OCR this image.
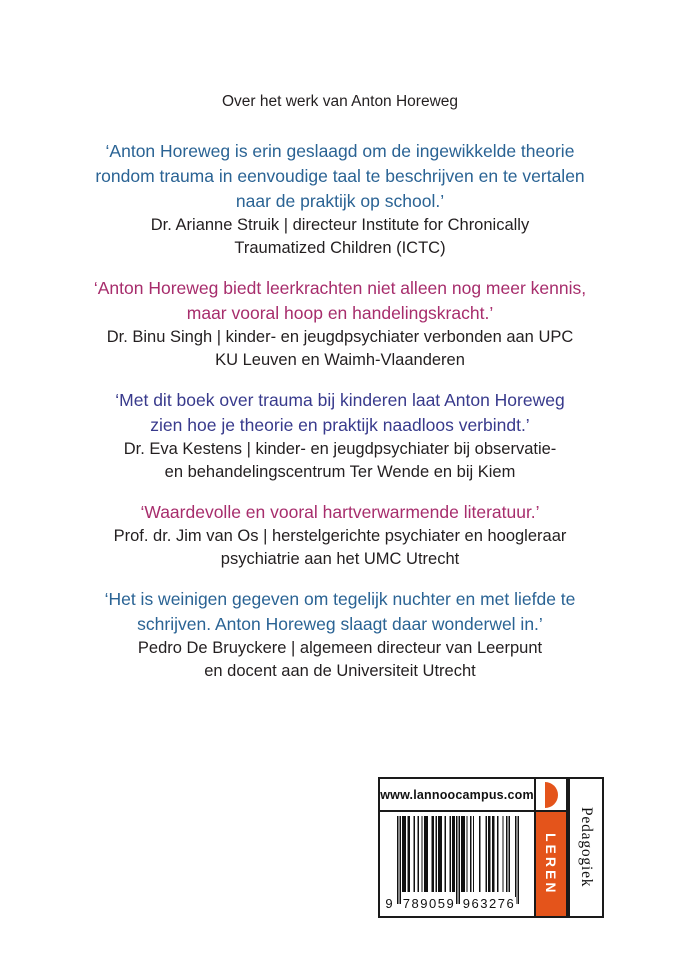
Over het werk van Anton Horeweg
‘Anton Horeweg is erin geslaagd om de ingewikkelde theorie
rondom trauma in eenvoudige taal te beschrijven en te vertalen
naar de praktijk op school.’
Dr. Arianne Struik | directeur Institute for Chronically
Traumatized Children (ICTC)
‘Anton Horeweg biedt leerkrachten niet alleen nog meer kennis,
maar vooral hoop en handelingskracht.’
Dr. Binu Singh | kinder- en jeugdpsychiater verbonden aan UPC
KU Leuven en Waimh-Vlaanderen
‘Met dit boek over trauma bij kinderen laat Anton Horeweg
zien hoe je theorie en praktijk naadloos verbindt.’
Dr. Eva Kestens | kinder- en jeugdpsychiater bij observatie-
en behandelingscentrum Ter Wende en bij Kiem
‘Waardevolle en vooral hartverwarmende literatuur.’
Prof. dr. Jim van Os | herstelgerichte psychiater en hoogleraar
psychiatrie aan het UMC Utrecht
‘Het is weinigen gegeven om tegelijk nuchter en met liefde te
schrijven. Anton Horeweg slaagt daar wonderwel in.’
Pedro De Bruyckere | algemeen directeur van Leerpunt
en docent aan de Universiteit Utrecht
www.lannoocampus.com
9 789059 963276
LEREN Pedagogiek
